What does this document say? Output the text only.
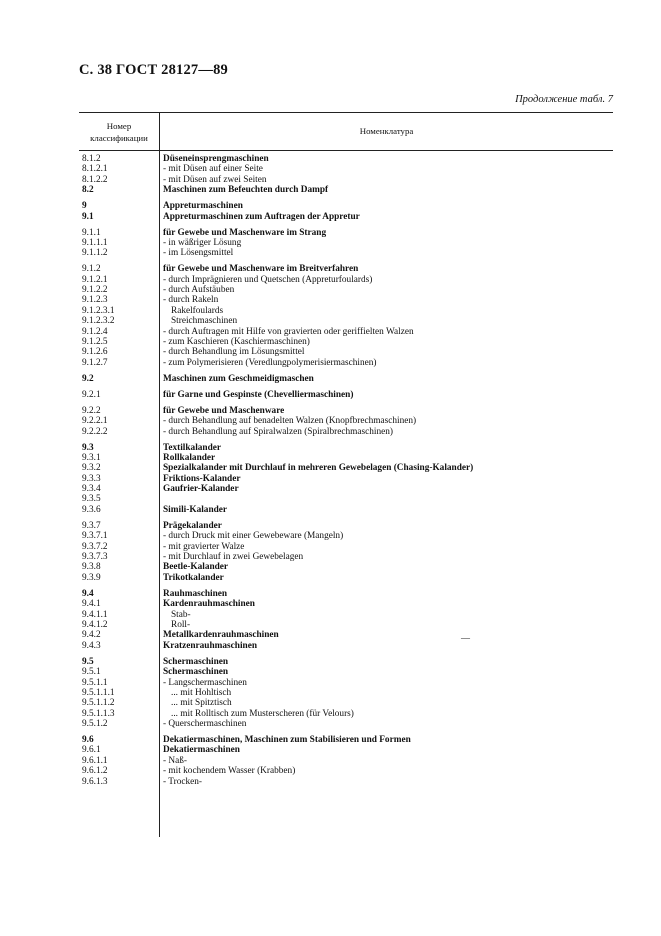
С. 38 ГОСТ 28127—89
Продолжение табл. 7
Номер
классификации
Номенклатура
8.1.2	Düseneinsprengmaschinen
8.1.2.1	- mit Düsen auf einer Seite
8.1.2.2	- mit Düsen auf zwei Seiten
8.2	Maschinen zum Befeuchten durch Dampf
9	Appreturmaschinen
9.1	Appreturmaschinen zum Auftragen der Appretur
9.1.1	für Gewebe und Maschenware im Strang
9.1.1.1	- in wäßriger Lösung
9.1.1.2	- im Lösengsmittel
9.1.2	für Gewebe und Maschenware im Breitverfahren
9.1.2.1	- durch Imprägnieren und Quetschen (Appreturfoulards)
9.1.2.2	- durch Aufstäuben
9.1.2.3	- durch Rakeln
9.1.2.3.1	Rakelfoulards
9.1.2.3.2	Streichmaschinen
9.1.2.4	- durch Auftragen mit Hilfe von gravierten oder geriffielten Walzen
9.1.2.5	- zum Kaschieren (Kaschiermaschinen)
9.1.2.6	- durch Behandlung im Lösungsmittel
9.1.2.7	- zum Polymerisieren (Veredlungpolymerisiermaschinen)
9.2	Maschinen zum Geschmeidigmaschen
9.2.1	für Garne und Gespinste (Chevelliermaschinen)
9.2.2	für Gewebe und Maschenware
9.2.2.1	- durch Behandlung auf benadelten Walzen (Knopfbrechmaschinen)
9.2.2.2	- durch Behandlung auf Spiralwalzen (Spiralbrechmaschinen)
9.3	Textilkalander
9.3.1	Rollkalander
9.3.2	Spezialkalander mit Durchlauf in mehreren Gewebelagen (Chasing-Kalander)
9.3.3	Friktions-Kalander
9.3.4	Gaufrier-Kalander
9.3.5
9.3.6	Simili-Kalander
9.3.7	Prägekalander
9.3.7.1	- durch Druck mit einer Gewebeware (Mangeln)
9.3.7.2	- mit gravierter Walze
9.3.7.3	- mit Durchlauf in zwei Gewebelagen
9.3.8	Beetle-Kalander
9.3.9	Trikotkalander
9.4	Rauhmaschinen
9.4.1	Kardenrauhmaschinen
9.4.1.1	Stab-
9.4.1.2	Roll-
9.4.2	Metallkardenrauhmaschinen
9.4.3	Kratzenrauhmaschinen
9.5	Schermaschinen
9.5.1	Schermaschinen
9.5.1.1	- Langschermaschinen
9.5.1.1.1	... mit Hohltisch
9.5.1.1.2	... mit Spitztisch
9.5.1.1.3	... mit Rolltisch zum Musterscheren (für Velours)
9.5.1.2	- Querschermaschinen
9.6	Dekatiermaschinen, Maschinen zum Stabilisieren und Formen
9.6.1	Dekatiermaschinen
9.6.1.1	- Naß-
9.6.1.2	- mit kochendem Wasser (Krabben)
9.6.1.3	- Trocken-
—
